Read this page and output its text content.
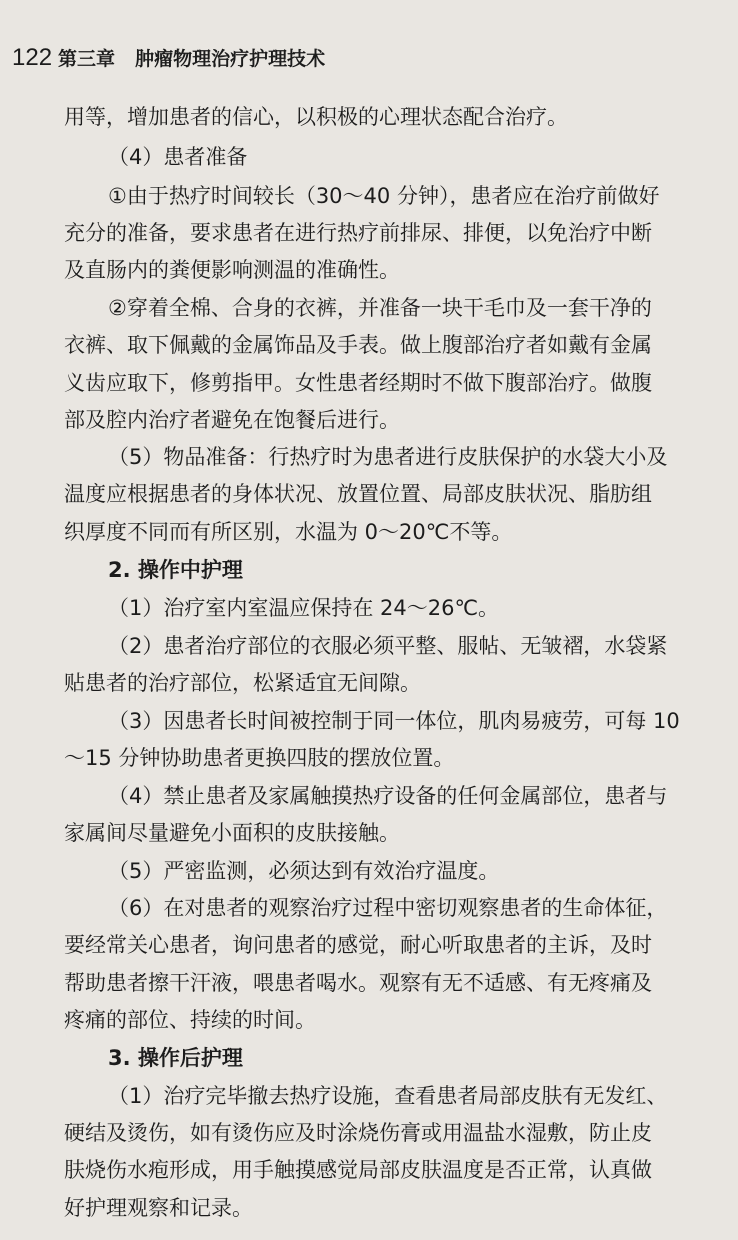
122 第三章 肿瘤物理治疗护理技术
用等，增加患者的信心，以积极的心理状态配合治疗。
（4）患者准备
①由于热疗时间较长（30～40 分钟），患者应在治疗前做好
充分的准备，要求患者在进行热疗前排尿、排便，以免治疗中断
及直肠内的粪便影响测温的准确性。
②穿着全棉、合身的衣裤，并准备一块干毛巾及一套干净的
衣裤、取下佩戴的金属饰品及手表。做上腹部治疗者如戴有金属
义齿应取下，修剪指甲。女性患者经期时不做下腹部治疗。做腹
部及腔内治疗者避免在饱餐后进行。
（5）物品准备：行热疗时为患者进行皮肤保护的水袋大小及
温度应根据患者的身体状况、放置位置、局部皮肤状况、脂肪组
织厚度不同而有所区别，水温为 0～20℃不等。
2. 操作中护理
（1）治疗室内室温应保持在 24～26℃。
（2）患者治疗部位的衣服必须平整、服帖、无皱褶，水袋紧
贴患者的治疗部位，松紧适宜无间隙。
（3）因患者长时间被控制于同一体位，肌肉易疲劳，可每 10
～15 分钟协助患者更换四肢的摆放位置。
（4）禁止患者及家属触摸热疗设备的任何金属部位，患者与
家属间尽量避免小面积的皮肤接触。
（5）严密监测，必须达到有效治疗温度。
（6）在对患者的观察治疗过程中密切观察患者的生命体征，
要经常关心患者，询问患者的感觉，耐心听取患者的主诉，及时
帮助患者擦干汗液，喂患者喝水。观察有无不适感、有无疼痛及
疼痛的部位、持续的时间。
3. 操作后护理
（1）治疗完毕撤去热疗设施，查看患者局部皮肤有无发红、
硬结及烫伤，如有烫伤应及时涂烧伤膏或用温盐水湿敷，防止皮
肤烧伤水疱形成，用手触摸感觉局部皮肤温度是否正常，认真做
好护理观察和记录。
